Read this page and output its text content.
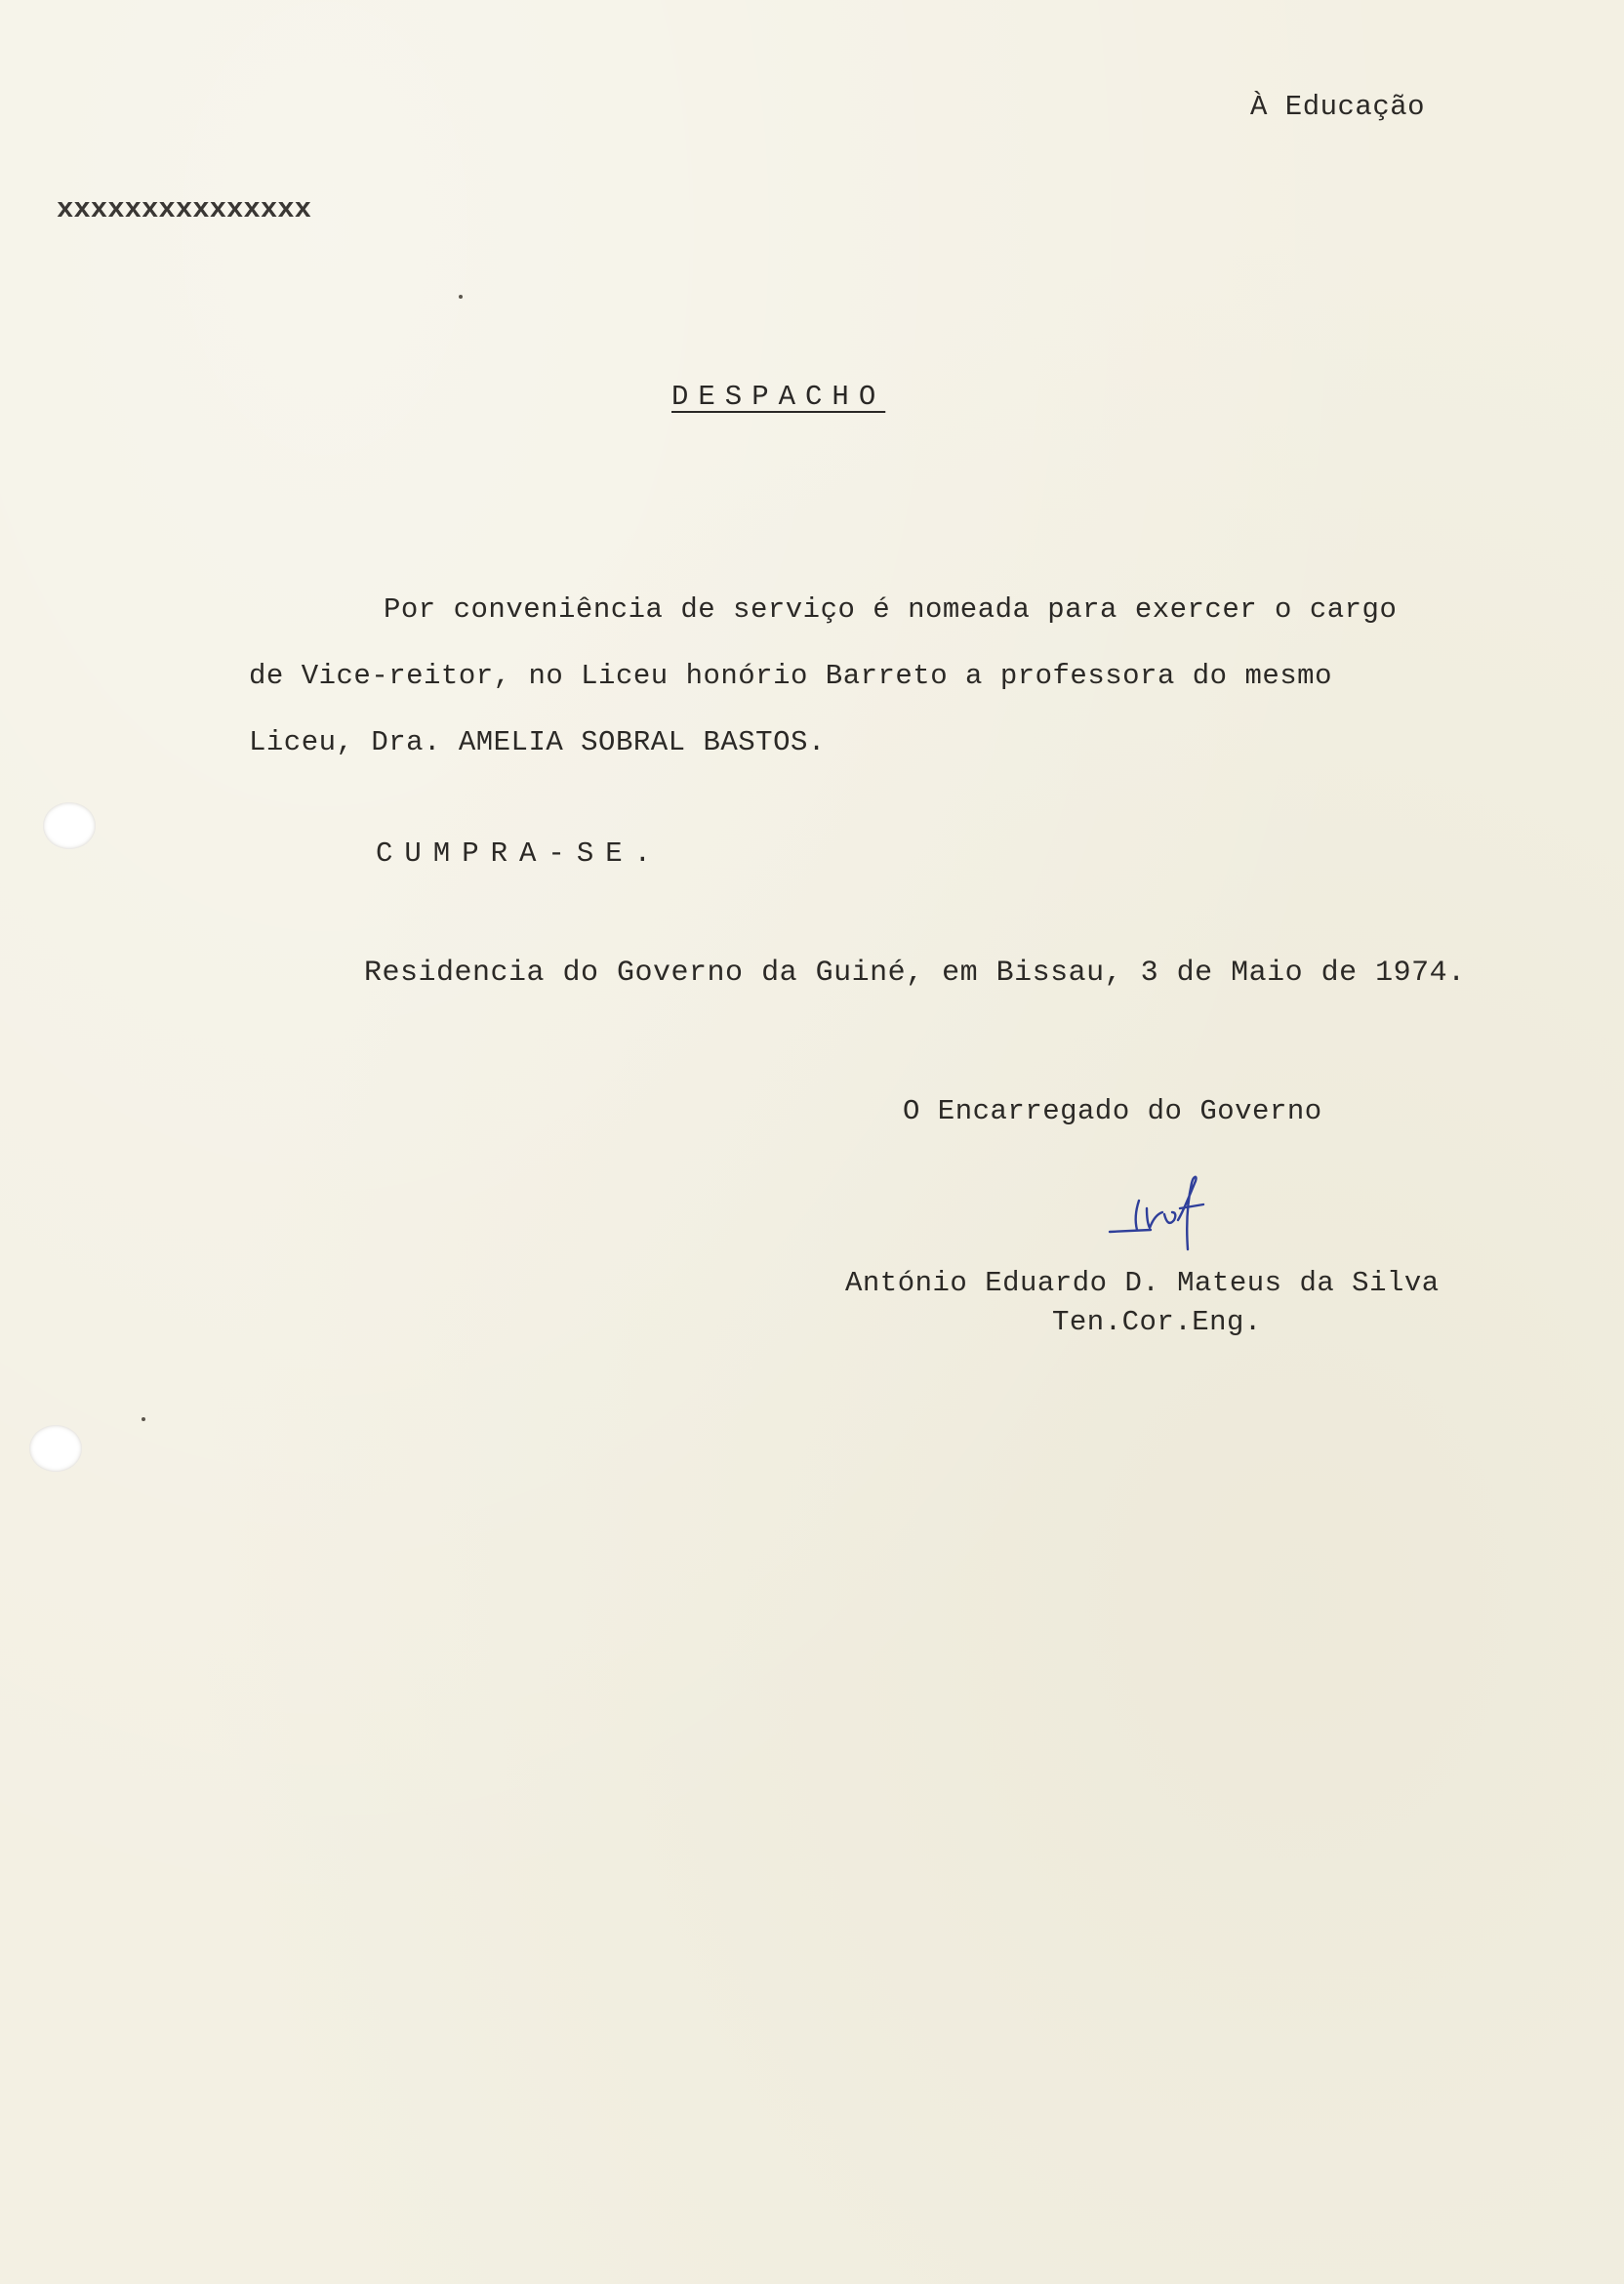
À Educação
xxxxxxxxxxxxxxx
DESPACHO
Por conveniência de serviço é nomeada para exercer o cargo
de Vice-reitor, no Liceu honório Barreto a professora do mesmo
Liceu, Dra. AMELIA SOBRAL BASTOS.
CUMPRA-SE.
Residencia do Governo da Guiné, em Bissau, 3 de Maio de 1974.
O Encarregado do Governo
António Eduardo D. Mateus da Silva
Ten.Cor.Eng.
